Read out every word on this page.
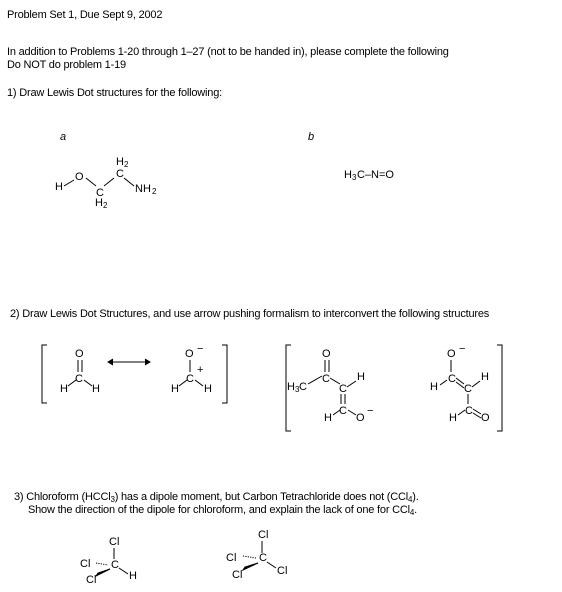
Problem Set 1, Due Sept 9, 2002
In addition to Problems 1-20 through 1–27 (not to be handed in), please complete the following
Do NOT do problem 1-19
1) Draw Lewis Dot structures for the following:
a	b
2) Draw Lewis Dot Structures, and use arrow pushing formalism to interconvert the following structures
3) Chloroform (HCCl$_3$) has a dipole moment, but Carbon Tetrachloride does not (CCl$_4$).
Show the direction of the dipole for chloroform, and explain the lack of one for CCl$_4$.
H
O
C
C
H 2
NH 2
H 2
H 3 C–N=O
O
C
H H
O −
C
+
H H
O
H 3 C
C
C
H
C
H O
−
O −
C
H C
H
C
H O
Cl
C
Cl
Cl	H
Cl
C
Cl
Cl	Cl
